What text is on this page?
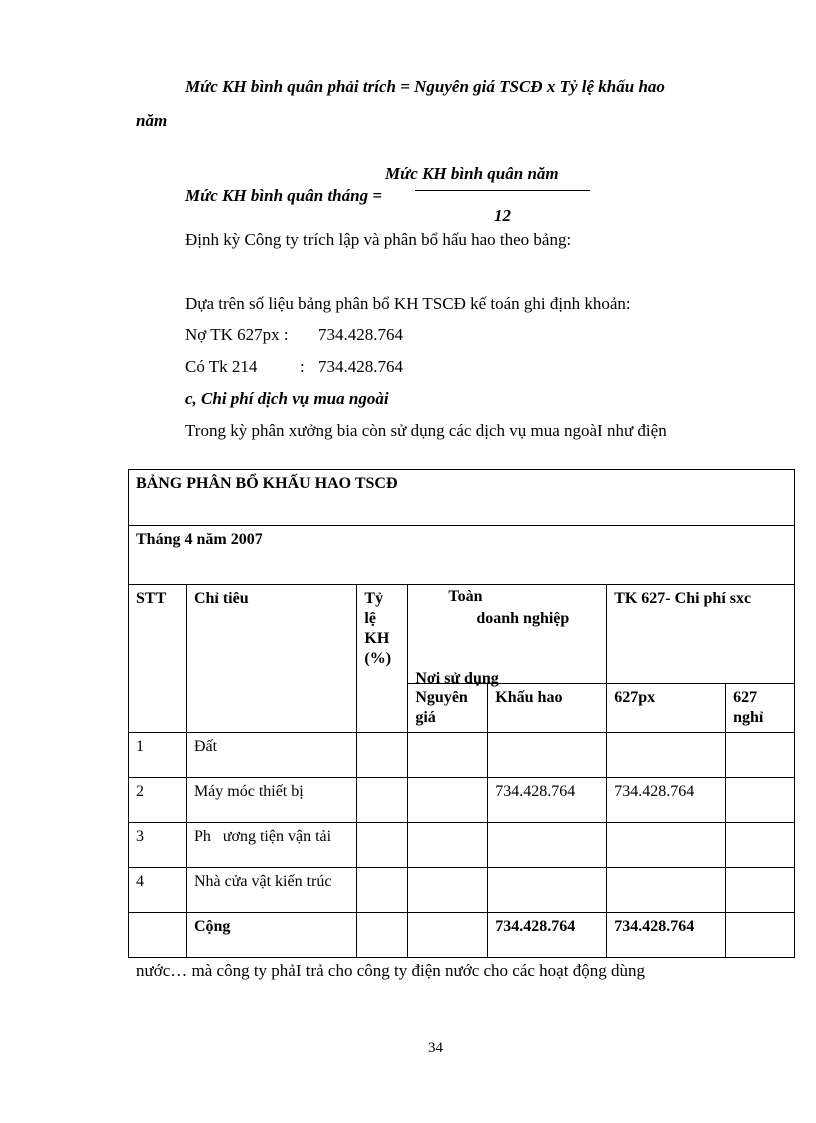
Mức KH bình quân phải trích = Nguyên giá TSCĐ x Tỷ lệ khấu hao
năm
Mức KH bình quân năm
Mức KH bình quân tháng =
12
Định kỳ Công ty trích lập và phân bổ hấu hao theo bảng:
Dựa trên số liệu bảng phân bổ KH TSCĐ kế toán ghi định khoản:
Nợ TK 627px : 734.428.764
Có Tk 214	: 734.428.764
c, Chi phí dịch vụ mua ngoài
Trong kỳ phân xưởng bia còn sử dụng các dịch vụ mua ngoàI như điện
BẢNG PHÂN BỔ KHẤU HAO TSCĐ						
Tháng 4 năm 2007						
STT	Chỉ tiêu	Tỷ lệ KH (%)	Toàn
doanh nghiệp
Nơi sử dụng		TK 627- Chi phí sxc	
			Nguyên giá	Khấu hao	627px	627 nghỉ
1	Đất					
2	Máy móc thiết bị			734.428.764	734.428.764	
3	Ph   ương tiện vận tải					
4	Nhà cửa vật kiến trúc					
	Cộng			734.428.764	734.428.764	
nước… mà công ty phảI trả cho công ty điện nước cho các hoạt động dùng
34
